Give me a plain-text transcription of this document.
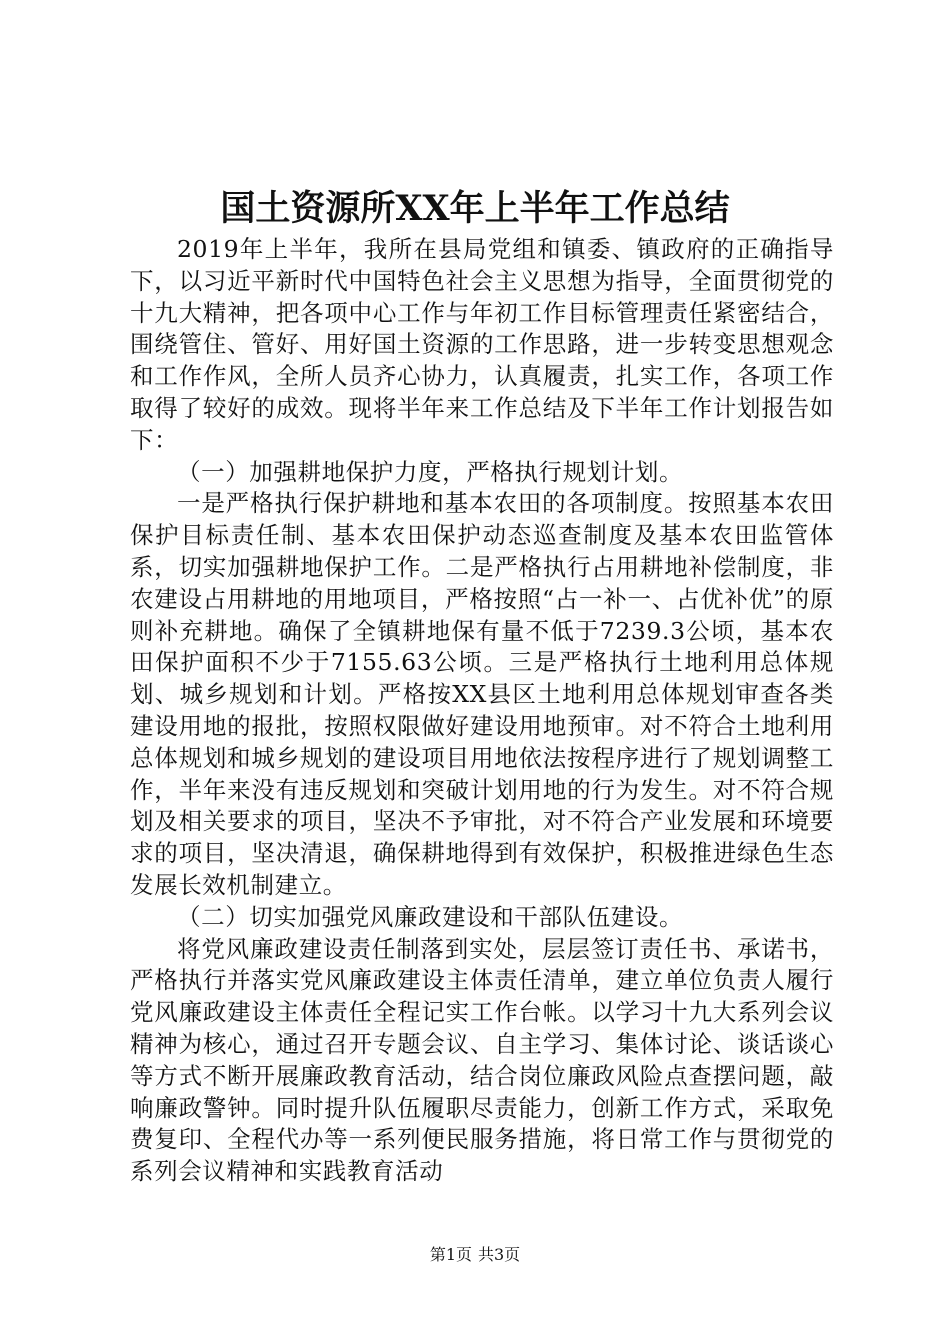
国土资源所XX年上半年工作总结

2019年上半年，我所在县局党组和镇委、镇政府的正确指导下，以习近平新时代中国特色社会主义思想为指导，全面贯彻党的十九大精神，把各项中心工作与年初工作目标管理责任紧密结合，围绕管住、管好、用好国土资源的工作思路，进一步转变思想观念和工作作风，全所人员齐心协力，认真履责，扎实工作，各项工作取得了较好的成效。现将半年来工作总结及下半年工作计划报告如下：

（一）加强耕地保护力度，严格执行规划计划。

一是严格执行保护耕地和基本农田的各项制度。按照基本农田保护目标责任制、基本农田保护动态巡查制度及基本农田监管体系，切实加强耕地保护工作。二是严格执行占用耕地补偿制度，非农建设占用耕地的用地项目，严格按照“占一补一、占优补优”的原则补充耕地。确保了全镇耕地保有量不低于7239.3公顷，基本农田保护面积不少于7155.63公顷。三是严格执行土地利用总体规划、城乡规划和计划。严格按XX县区土地利用总体规划审查各类建设用地的报批，按照权限做好建设用地预审。对不符合土地利用总体规划和城乡规划的建设项目用地依法按程序进行了规划调整工作，半年来没有违反规划和突破计划用地的行为发生。对不符合规划及相关要求的项目，坚决不予审批，对不符合产业发展和环境要求的项目，坚决清退，确保耕地得到有效保护，积极推进绿色生态发展长效机制建立。

（二）切实加强党风廉政建设和干部队伍建设。

将党风廉政建设责任制落到实处，层层签订责任书、承诺书，严格执行并落实党风廉政建设主体责任清单，建立单位负责人履行党风廉政建设主体责任全程记实工作台帐。以学习十九大系列会议精神为核心，通过召开专题会议、自主学习、集体讨论、谈话谈心等方式不断开展廉政教育活动，结合岗位廉政风险点查摆问题，敲响廉政警钟。同时提升队伍履职尽责能力，创新工作方式，采取免费复印、全程代办等一系列便民服务措施，将日常工作与贯彻党的系列会议精神和实践教育活动

第1页 共3页
